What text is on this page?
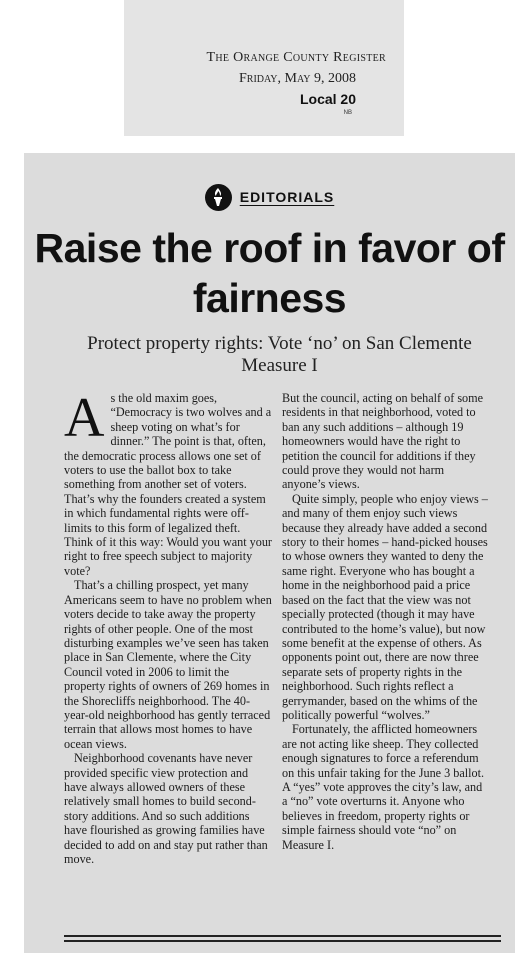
The Orange County Register
Friday, May 9, 2008
Local 20
NB
EDITORIALS
Raise the roof in favor of fairness
Protect property rights: Vote ‘no’ on San Clemente Measure I

As the old maxim goes, “Democracy is two wolves and a sheep voting on what’s for dinner.” The point is that, often, the democratic process allows one set of voters to use the ballot box to take something from another set of voters. That’s why the founders created a system in which fundamental rights were off-limits to this form of legalized theft. Think of it this way: Would you want your right to free speech subject to majority vote?

That’s a chilling prospect, yet many Americans seem to have no problem when voters decide to take away the property rights of other people. One of the most disturbing examples we’ve seen has taken place in San Clemente, where the City Council voted in 2006 to limit the property rights of owners of 269 homes in the Shorecliffs neighborhood. The 40-year-old neighborhood has gently terraced terrain that allows most homes to have ocean views.

Neighborhood covenants have never provided specific view protection and have always allowed owners of these relatively small homes to build second-story additions. And so such additions have flourished as growing families have decided to add on and stay put rather than move.

But the council, acting on behalf of some residents in that neighborhood, voted to ban any such additions – although 19 homeowners would have the right to petition the council for additions if they could prove they would not harm anyone’s views.

Quite simply, people who enjoy views – and many of them enjoy such views because they already have added a second story to their homes – hand-picked houses to whose owners they wanted to deny the same right. Everyone who has bought a home in the neighborhood paid a price based on the fact that the view was not specially protected (though it may have contributed to the home’s value), but now some benefit at the expense of others. As opponents point out, there are now three separate sets of property rights in the neighborhood. Such rights reflect a gerrymander, based on the whims of the politically powerful “wolves.”

Fortunately, the afflicted homeowners are not acting like sheep. They collected enough signatures to force a referendum on this unfair taking for the June 3 ballot. A “yes” vote approves the city’s law, and a “no” vote overturns it. Anyone who believes in freedom, property rights or simple fairness should vote “no” on Measure I.
